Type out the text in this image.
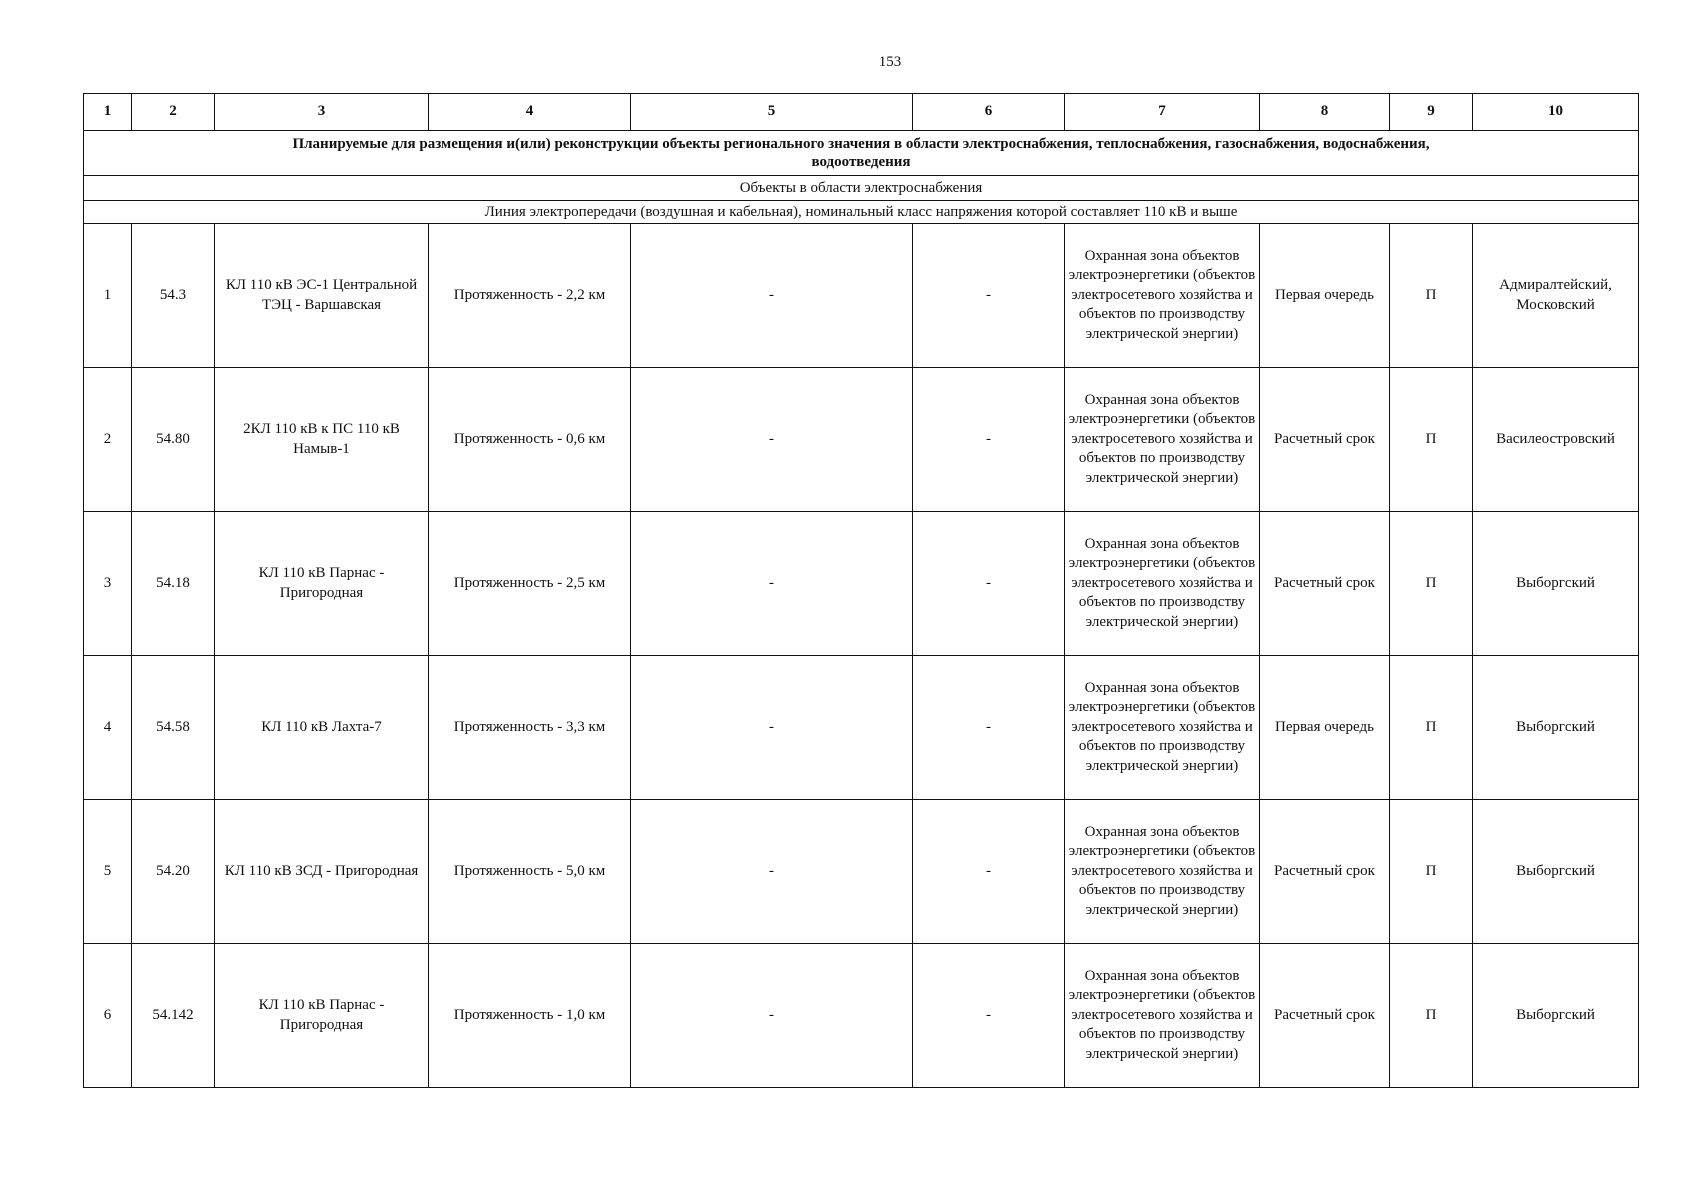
153
1	2	3	4	5	6	7	8	9	10
Планируемые для размещения и(или) реконструкции объекты регионального значения в области электроснабжения, теплоснабжения, газоснабжения, водоснабжения, водоотведения									
Объекты в области электроснабжения									
Линия электропередачи (воздушная и кабельная), номинальный класс напряжения которой составляет 110 кВ и выше									
1	54.3	КЛ 110 кВ ЭС-1 Центральной ТЭЦ - Варшавская	Протяженность - 2,2 км	-	-	Охранная зона объектов электроэнергетики (объектов электросетевого хозяйства и объектов по производству электрической энергии)	Первая очередь	П	Адмиралтейский, Московский
2	54.80	2КЛ 110 кВ к ПС 110 кВ Намыв-1	Протяженность - 0,6 км	-	-	Охранная зона объектов электроэнергетики (объектов электросетевого хозяйства и объектов по производству электрической энергии)	Расчетный срок	П	Василеостровский
3	54.18	КЛ 110 кВ Парнас - Пригородная	Протяженность - 2,5 км	-	-	Охранная зона объектов электроэнергетики (объектов электросетевого хозяйства и объектов по производству электрической энергии)	Расчетный срок	П	Выборгский
4	54.58	КЛ 110 кВ Лахта-7	Протяженность - 3,3 км	-	-	Охранная зона объектов электроэнергетики (объектов электросетевого хозяйства и объектов по производству электрической энергии)	Первая очередь	П	Выборгский
5	54.20	КЛ 110 кВ ЗСД - Пригородная	Протяженность - 5,0 км	-	-	Охранная зона объектов электроэнергетики (объектов электросетевого хозяйства и объектов по производству электрической энергии)	Расчетный срок	П	Выборгский
6	54.142	КЛ 110 кВ Парнас - Пригородная	Протяженность - 1,0 км	-	-	Охранная зона объектов электроэнергетики (объектов электросетевого хозяйства и объектов по производству электрической энергии)	Расчетный срок	П	Выборгский
